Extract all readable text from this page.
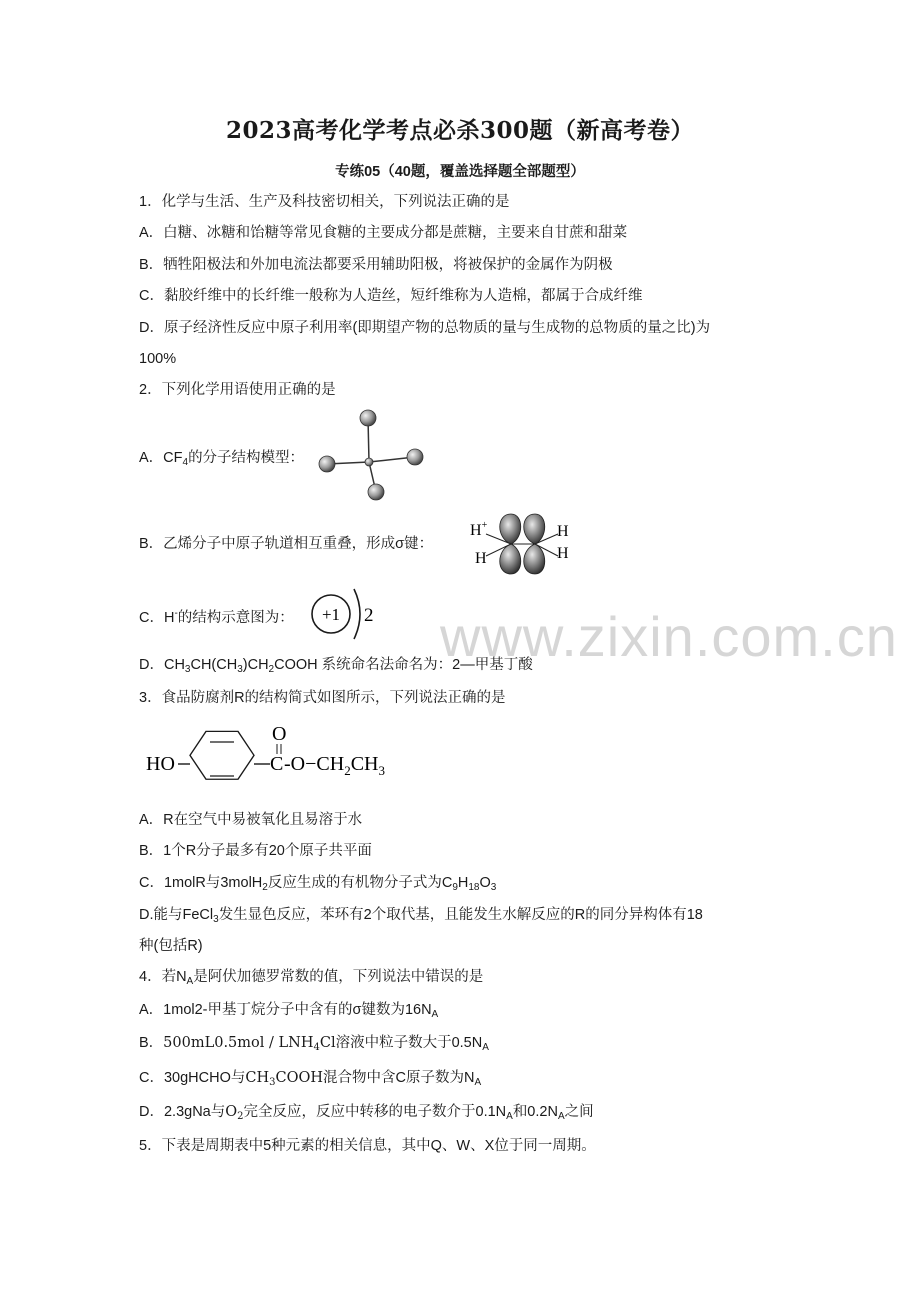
www.zixin.com.cn
2023高考化学考点必杀300题（新高考卷）
专练05（40题，覆盖选择题全部题型）
1．化学与生活、生产及科技密切相关，下列说法正确的是
A．白糖、冰糖和饴糖等常见食糖的主要成分都是蔗糖，主要来自甘蔗和甜菜
B．牺牲阳极法和外加电流法都要采用辅助阳极，将被保护的金属作为阴极
C．黏胶纤维中的长纤维一般称为人造丝，短纤维称为人造棉，都属于合成纤维
D．原子经济性反应中原子利用率(即期望产物的总物质的量与生成物的总物质的量之比)为
100%
2．下列化学用语使用正确的是
A．$CF_4$的分子结构模型：
B．乙烯分子中原子轨道相互重叠，形成σ键：
H+
H
H
H
C．H-的结构示意图为： +1 2
D．$CH_3CH(CH_3)CH_2COOH$ 系统命名法命名为：2—甲基丁酸
3．食品防腐剂R的结构简式如图所示，下列说法正确的是
HO
O
C $-O-CH_2CH_3$
A．R在空气中易被氧化且易溶于水
B．1个R分子最多有20个原子共平面
C．1molR与3molH$_2$反应生成的有机物分子式为$C_9H_{18}O_3$
D.能与FeCl$_3$发生显色反应，苯环有2个取代基，且能发生水解反应的R的同分异构体有18
种(包括R)
4．若$N_A$是阿伏加德罗常数的值，下列说法中错误的是
A．1mol2-甲基丁烷分子中含有的σ键数为$16N_A$
B．$500mL0.5mol / LNH_4Cl$溶液中粒子数大于$0.5N_A$
C．30gHCHO与$CH_3COOH$混合物中含C原子数为$N_A$
D．2.3gNa与$O_2$完全反应，反应中转移的电子数介于$0.1N_A$和$0.2N_A$之间
5．下表是周期表中5种元素的相关信息，其中Q、W、X位于同一周期。
